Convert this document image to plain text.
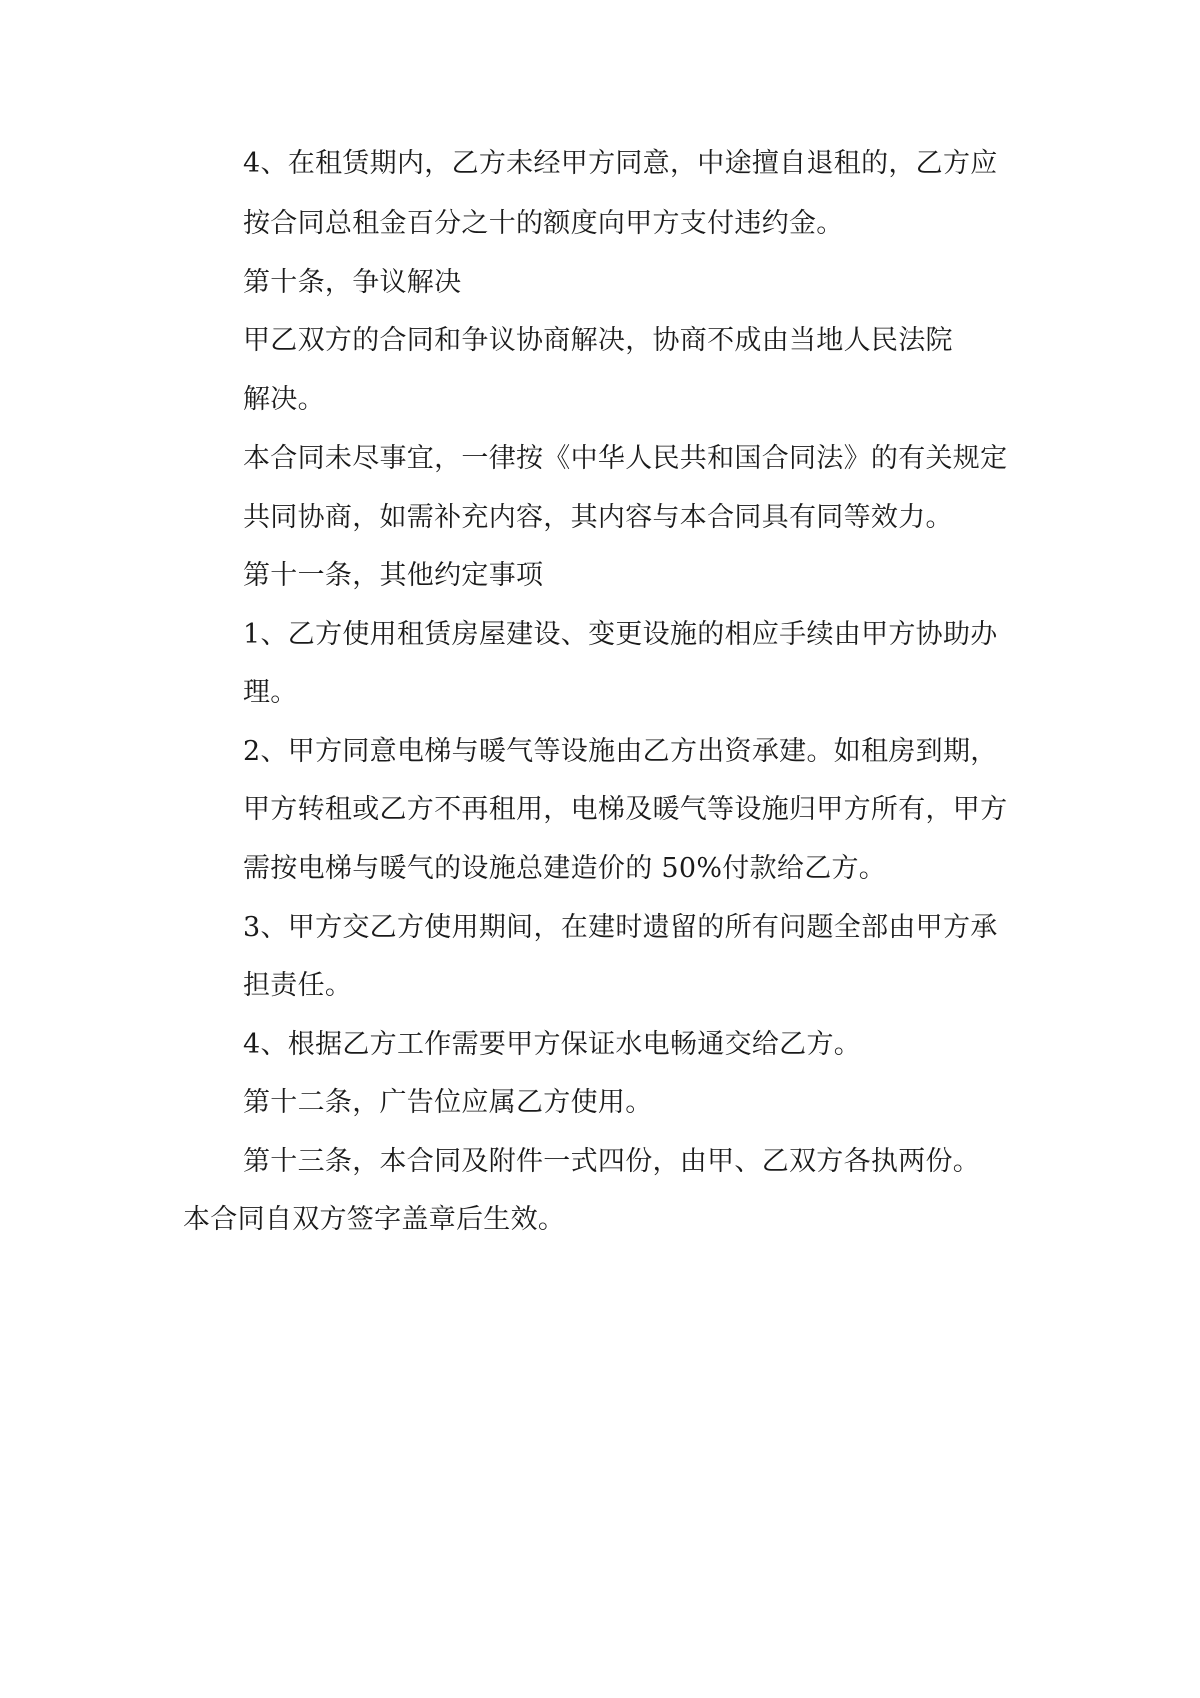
4、在租赁期内，乙方未经甲方同意，中途擅自退租的，乙方应
按合同总租金百分之十的额度向甲方支付违约金。
第十条，争议解决
甲乙双方的合同和争议协商解决，协商不成由当地人民法院
解决。
本合同未尽事宜，一律按《中华人民共和国合同法》的有关规定
共同协商，如需补充内容，其内容与本合同具有同等效力。
第十一条，其他约定事项
1、乙方使用租赁房屋建设、变更设施的相应手续由甲方协助办
理。
2、甲方同意电梯与暖气等设施由乙方出资承建。如租房到期，
甲方转租或乙方不再租用，电梯及暖气等设施归甲方所有，甲方
需按电梯与暖气的设施总建造价的 50%付款给乙方。
3、甲方交乙方使用期间，在建时遗留的所有问题全部由甲方承
担责任。
4、根据乙方工作需要甲方保证水电畅通交给乙方。
第十二条，广告位应属乙方使用。
第十三条，本合同及附件一式四份，由甲、乙双方各执两份。
本合同自双方签字盖章后生效。
